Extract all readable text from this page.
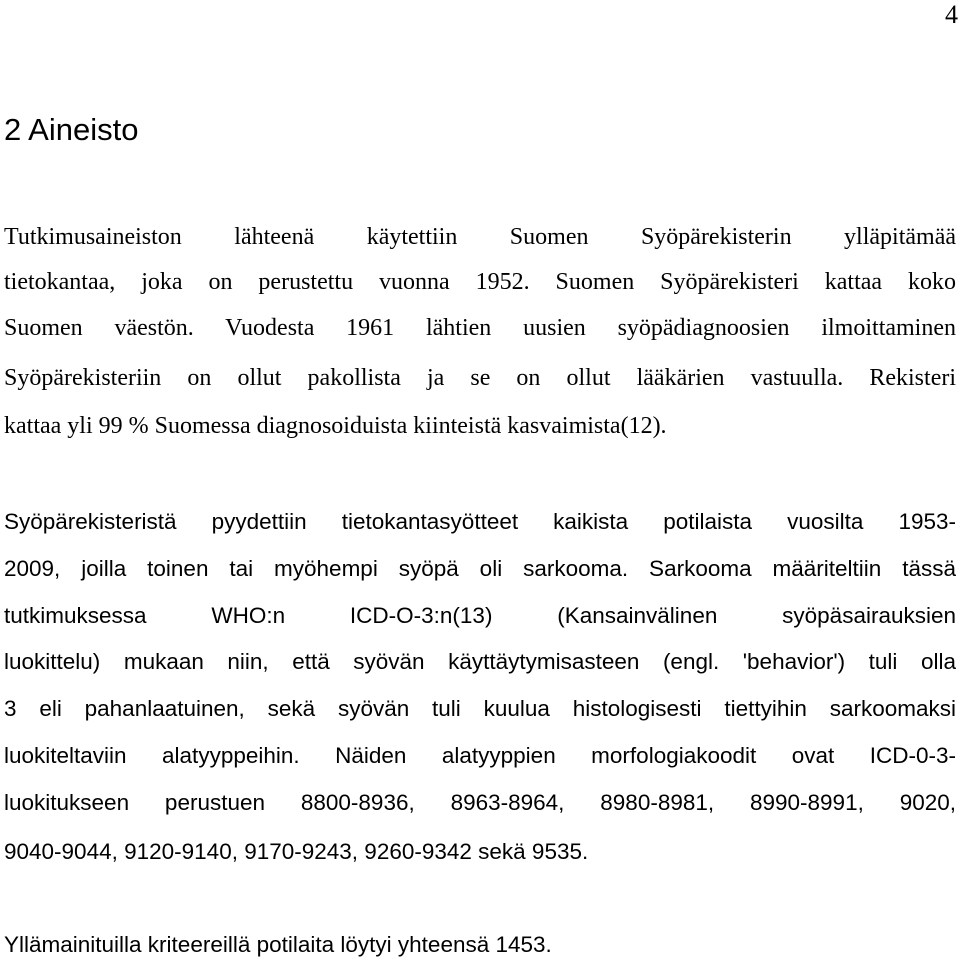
4
2 Aineisto
Tutkimusaineiston lähteenä käytettiin Suomen Syöpärekisterin ylläpitämää
tietokantaa, joka on perustettu vuonna 1952. Suomen Syöpärekisteri kattaa koko
Suomen väestön. Vuodesta 1961 lähtien uusien syöpädiagnoosien ilmoittaminen
Syöpärekisteriin on ollut pakollista ja se on ollut lääkärien vastuulla. Rekisteri
kattaa yli 99 % Suomessa diagnosoiduista kiinteistä kasvaimista(12).
Syöpärekisteristä pyydettiin tietokantasyötteet kaikista potilaista vuosilta 1953-
2009, joilla toinen tai myöhempi syöpä oli sarkooma. Sarkooma määriteltiin tässä
tutkimuksessa WHO:n ICD-O-3:n(13) (Kansainvälinen syöpäsairauksien
luokittelu) mukaan niin, että syövän käyttäytymisasteen (engl. 'behavior') tuli olla
3 eli pahanlaatuinen, sekä syövän tuli kuulua histologisesti tiettyihin sarkoomaksi
luokiteltaviin alatyyppeihin. Näiden alatyyppien morfologiakoodit ovat ICD-0-3-
luokitukseen perustuen 8800-8936, 8963-8964, 8980-8981, 8990-8991, 9020,
9040-9044, 9120-9140, 9170-9243, 9260-9342 sekä 9535.
Yllämainituilla kriteereillä potilaita löytyi yhteensä 1453.
